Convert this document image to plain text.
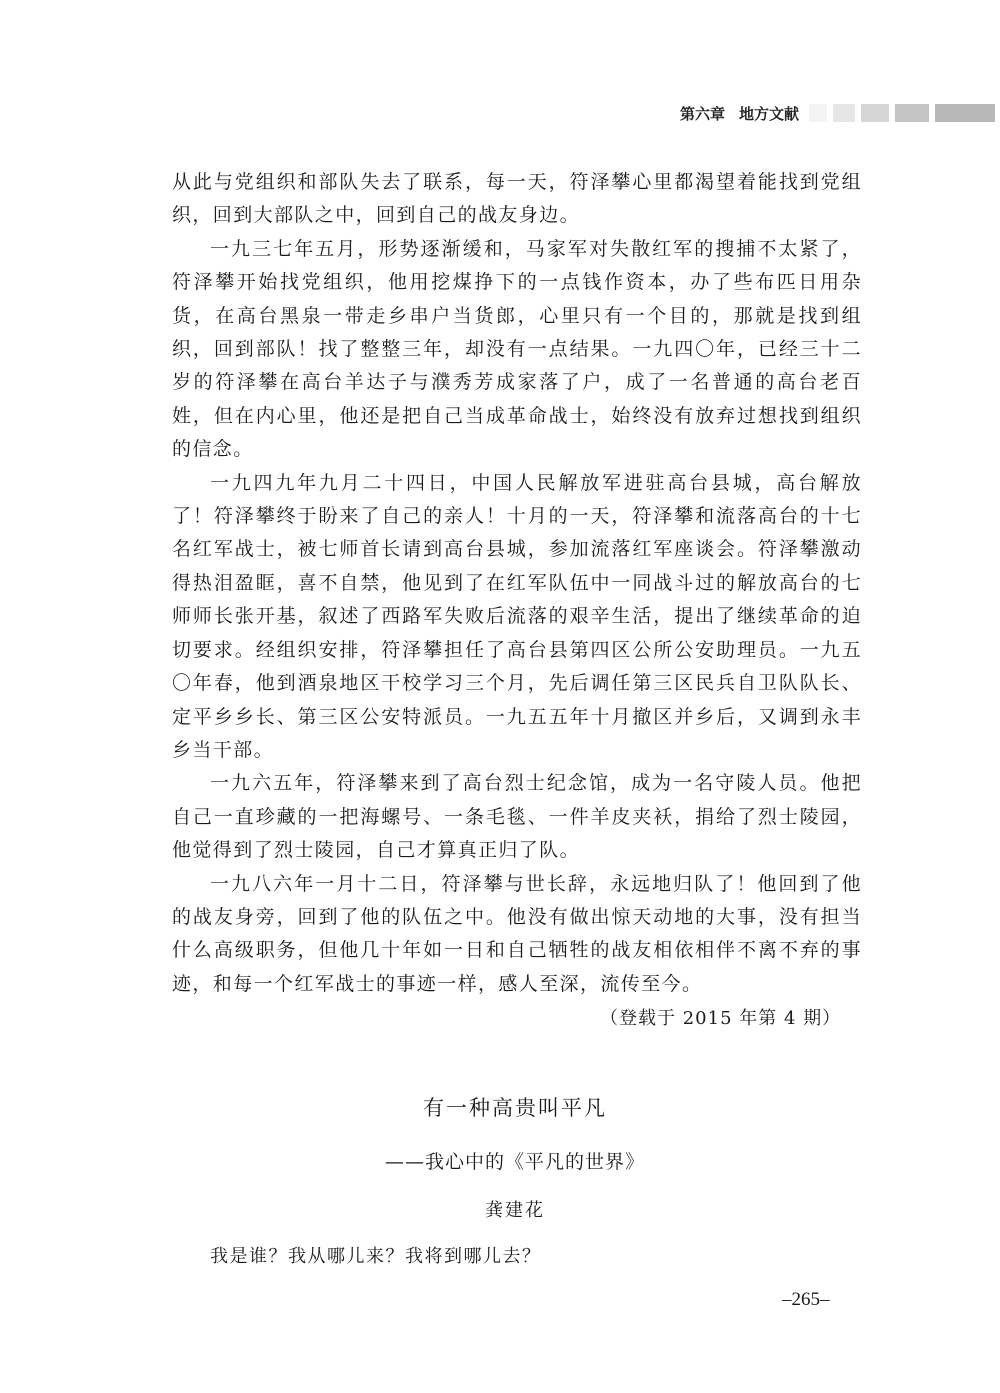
第六章 地方文献

从此与党组织和部队失去了联系，每一天，符泽攀心里都渴望着能找到党组织，回到大部队之中，回到自己的战友身边。

一九三七年五月，形势逐渐缓和，马家军对失散红军的搜捕不太紧了，符泽攀开始找党组织，他用挖煤挣下的一点钱作资本，办了些布匹日用杂货，在高台黑泉一带走乡串户当货郎，心里只有一个目的，那就是找到组织，回到部队！找了整整三年，却没有一点结果。一九四〇年，已经三十二岁的符泽攀在高台羊达子与濮秀芳成家落了户，成了一名普通的高台老百姓，但在内心里，他还是把自己当成革命战士，始终没有放弃过想找到组织的信念。

一九四九年九月二十四日，中国人民解放军进驻高台县城，高台解放了！符泽攀终于盼来了自己的亲人！十月的一天，符泽攀和流落高台的十七名红军战士，被七师首长请到高台县城，参加流落红军座谈会。符泽攀激动得热泪盈眶，喜不自禁，他见到了在红军队伍中一同战斗过的解放高台的七师师长张开基，叙述了西路军失败后流落的艰辛生活，提出了继续革命的迫切要求。经组织安排，符泽攀担任了高台县第四区公所公安助理员。一九五〇年春，他到酒泉地区干校学习三个月，先后调任第三区民兵自卫队队长、定平乡乡长、第三区公安特派员。一九五五年十月撤区并乡后，又调到永丰乡当干部。

一九六五年，符泽攀来到了高台烈士纪念馆，成为一名守陵人员。他把自己一直珍藏的一把海螺号、一条毛毯、一件羊皮夹袄，捐给了烈士陵园，他觉得到了烈士陵园，自己才算真正归了队。

一九八六年一月十二日，符泽攀与世长辞，永远地归队了！他回到了他的战友身旁，回到了他的队伍之中。他没有做出惊天动地的大事，没有担当什么高级职务，但他几十年如一日和自己牺牲的战友相依相伴不离不弃的事迹，和每一个红军战士的事迹一样，感人至深，流传至今。

（登载于 2015 年第 4 期）
有一种高贵叫平凡
——我心中的《平凡的世界》
龚建花
我是谁？我从哪儿来？我将到哪儿去？
–265–
